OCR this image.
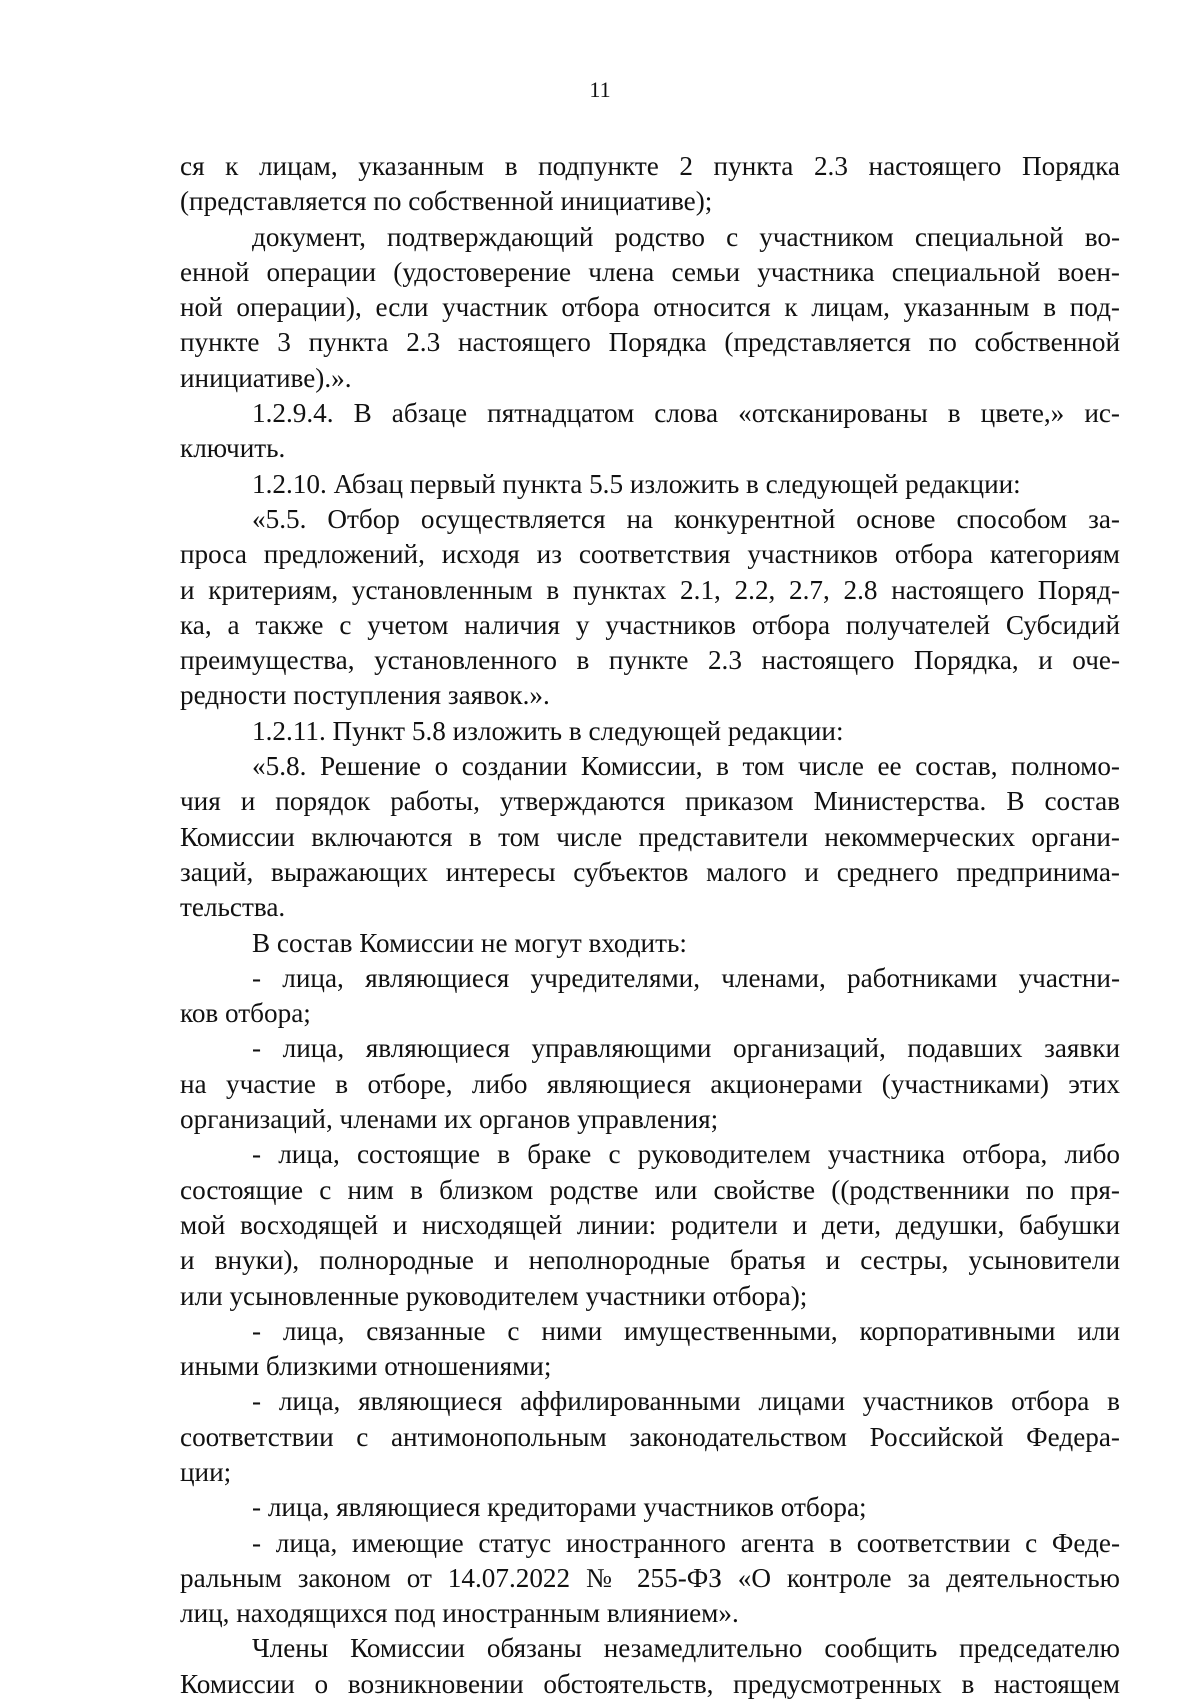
11
ся к лицам, указанным в подпункте 2 пункта 2.3 настоящего Порядка
(представляется по собственной инициативе);
документ, подтверждающий родство с участником специальной во-
енной операции (удостоверение члена семьи участника специальной воен-
ной операции), если участник отбора относится к лицам, указанным в под-
пункте 3 пункта 2.3 настоящего Порядка (представляется по собственной
инициативе).».
1.2.9.4. В абзаце пятнадцатом слова «отсканированы в цвете,» ис-
ключить.
1.2.10. Абзац первый пункта 5.5 изложить в следующей редакции:
«5.5. Отбор осуществляется на конкурентной основе способом за-
проса предложений, исходя из соответствия участников отбора категориям
и критериям, установленным в пунктах 2.1, 2.2, 2.7, 2.8 настоящего Поряд-
ка, а также с учетом наличия у участников отбора получателей Субсидий
преимущества, установленного в пункте 2.3 настоящего Порядка, и оче-
редности поступления заявок.».
1.2.11. Пункт 5.8 изложить в следующей редакции:
«5.8. Решение о создании Комиссии, в том числе ее состав, полномо-
чия и порядок работы, утверждаются приказом Министерства. В состав
Комиссии включаются в том числе представители некоммерческих органи-
заций, выражающих интересы субъектов малого и среднего предпринима-
тельства.
В состав Комиссии не могут входить:
- лица, являющиеся учредителями, членами, работниками участни-
ков отбора;
- лица, являющиеся управляющими организаций, подавших заявки
на участие в отборе, либо являющиеся акционерами (участниками) этих
организаций, членами их органов управления;
- лица, состоящие в браке с руководителем участника отбора, либо
состоящие с ним в близком родстве или свойстве ((родственники по пря-
мой восходящей и нисходящей линии: родители и дети, дедушки, бабушки
и внуки), полнородные и неполнородные братья и сестры, усыновители
или усыновленные руководителем участники отбора);
- лица, связанные с ними имущественными, корпоративными или
иными близкими отношениями;
- лица, являющиеся аффилированными лицами участников отбора в
соответствии с антимонопольным законодательством Российской Федера-
ции;
- лица, являющиеся кредиторами участников отбора;
- лица, имеющие статус иностранного агента в соответствии с Феде-
ральным законом от 14.07.2022 № 255-ФЗ «О контроле за деятельностью
лиц, находящихся под иностранным влиянием».
Члены Комиссии обязаны незамедлительно сообщить председателю
Комиссии о возникновении обстоятельств, предусмотренных в настоящем
